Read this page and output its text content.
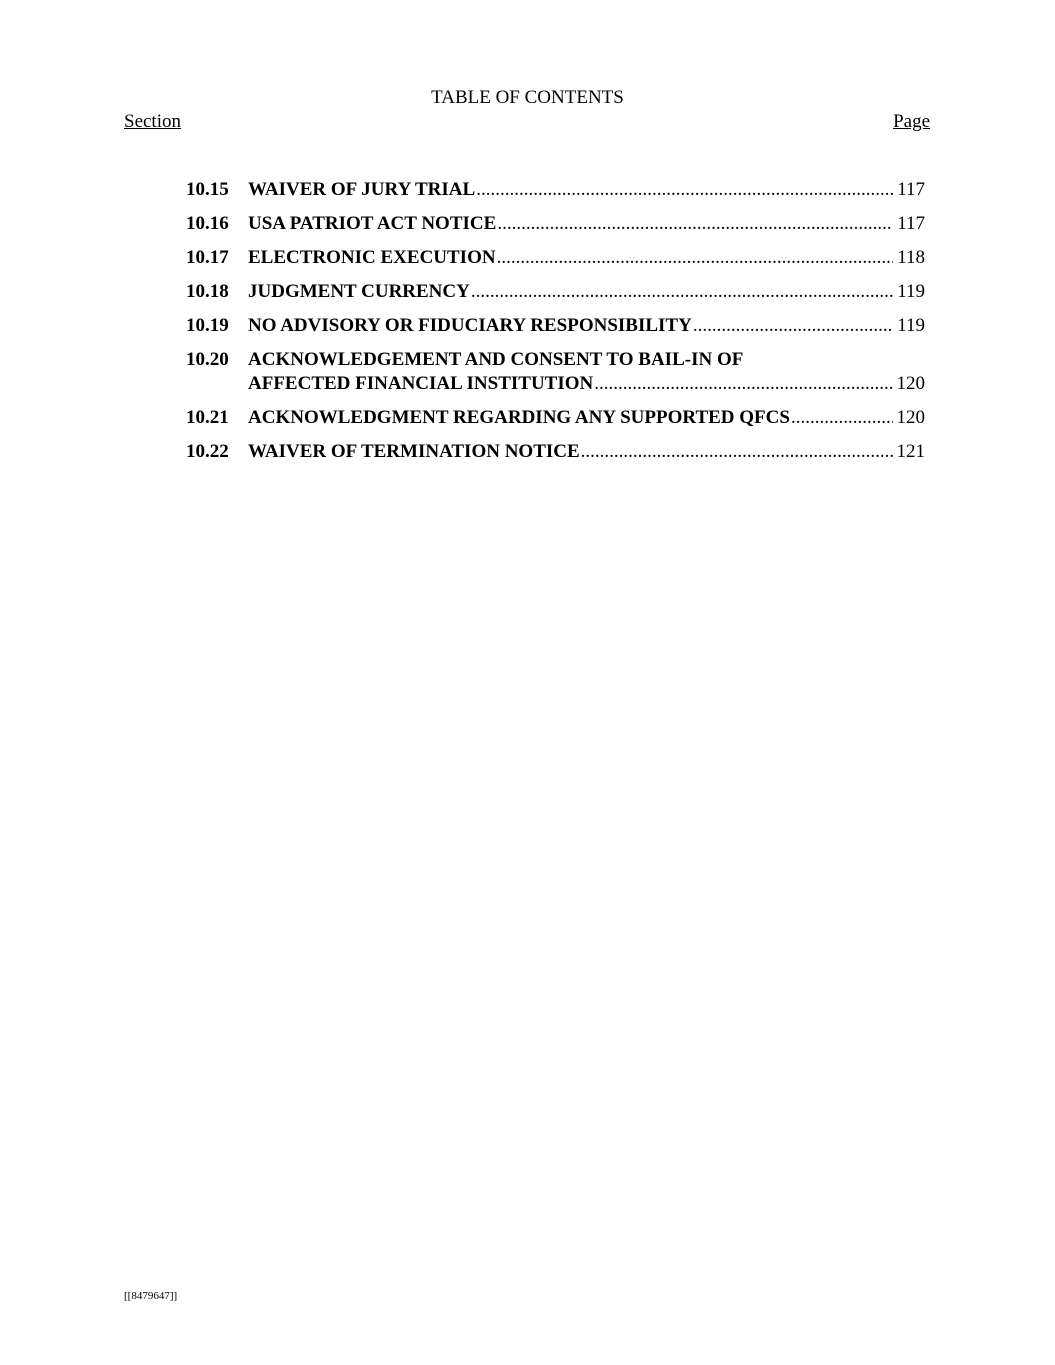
TABLE OF CONTENTS
Section	Page
10.15 WAIVER OF JURY TRIAL .....	117
10.16 USA PATRIOT ACT NOTICE .....	117
10.17 ELECTRONIC EXECUTION .....	118
10.18 JUDGMENT CURRENCY .....	119
10.19 NO ADVISORY OR FIDUCIARY RESPONSIBILITY .....	119
10.20 ACKNOWLEDGEMENT AND CONSENT TO BAIL-IN OF
AFFECTED FINANCIAL INSTITUTION .....	120
10.21 ACKNOWLEDGMENT REGARDING ANY SUPPORTED QFCS .....	120
10.22 WAIVER OF TERMINATION NOTICE .....	121
[[8479647]]
